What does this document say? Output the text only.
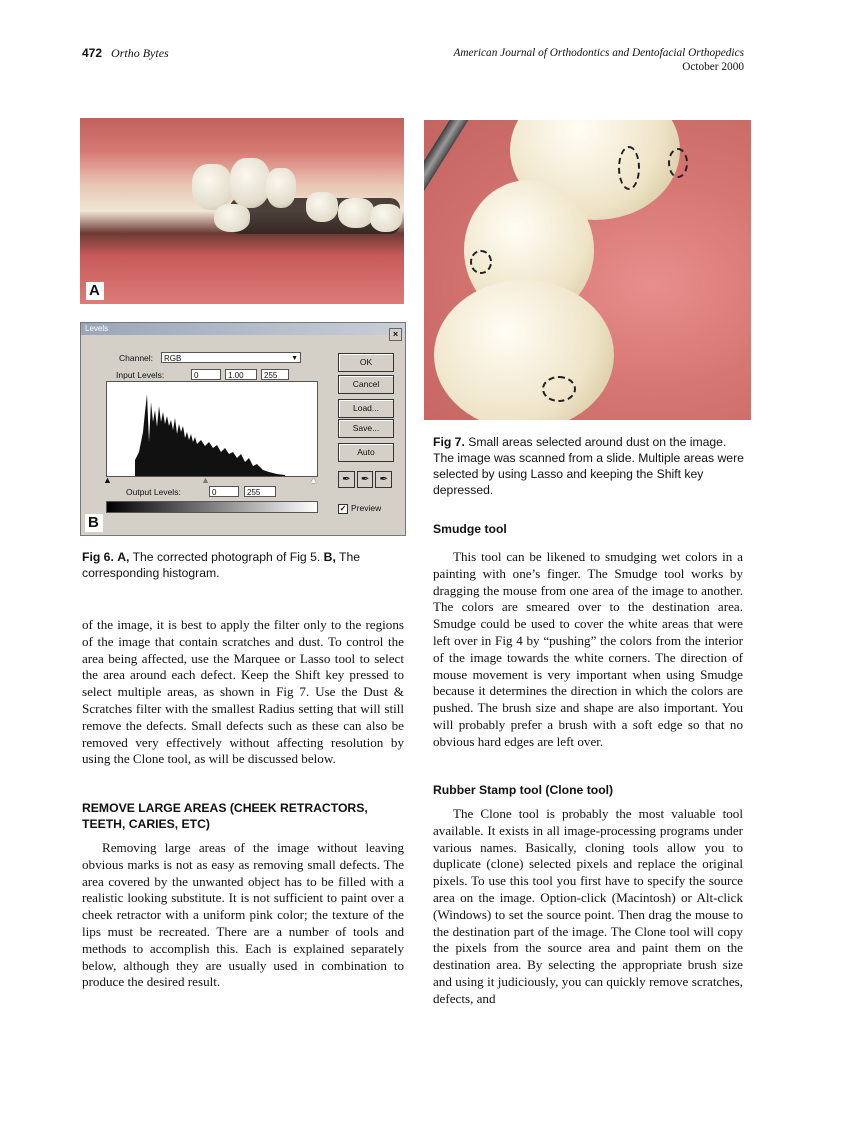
472 Ortho Bytes	American Journal of Orthodontics and Dentofacial Orthopedics
October 2000
A
Levels
×
Channel:	RGB	▼
Input Levels:	0	1.00	255
▲	▲	▲
Output Levels:	0	255
OK
Cancel
Load...
Save...
Auto
✒	✒	✒
✓ Preview
B
Fig 6. A, The corrected photograph of Fig 5. B, The corresponding histogram.
Fig 7. Small areas selected around dust on the image. The image was scanned from a slide. Multiple areas were selected by using Lasso and keeping the Shift key depressed.

of the image, it is best to apply the filter only to the regions of the image that contain scratches and dust. To control the area being affected, use the Marquee or Lasso tool to select the area around each defect. Keep the Shift key pressed to select multiple areas, as shown in Fig 7. Use the Dust & Scratches filter with the smallest Radius setting that will still remove the defects. Small defects such as these can also be removed very effectively without affecting resolution by using the Clone tool, as will be discussed below.

REMOVE LARGE AREAS (CHEEK RETRACTORS, TEETH, CARIES, ETC)

Removing large areas of the image without leaving obvious marks is not as easy as removing small defects. The area covered by the unwanted object has to be filled with a realistic looking substitute. It is not sufficient to paint over a cheek retractor with a uniform pink color; the texture of the lips must be recreated. There are a number of tools and methods to accomplish this. Each is explained separately below, although they are usually used in combination to produce the desired result.

Smudge tool

This tool can be likened to smudging wet colors in a painting with one’s finger. The Smudge tool works by dragging the mouse from one area of the image to another. The colors are smeared over to the destination area. Smudge could be used to cover the white areas that were left over in Fig 4 by “pushing” the colors from the interior of the image towards the white corners. The direction of mouse movement is very important when using Smudge because it determines the direction in which the colors are pushed. The brush size and shape are also important. You will probably prefer a brush with a soft edge so that no obvious hard edges are left over.

Rubber Stamp tool (Clone tool)

The Clone tool is probably the most valuable tool available. It exists in all image-processing programs under various names. Basically, cloning tools allow you to duplicate (clone) selected pixels and replace the original pixels. To use this tool you first have to specify the source area on the image. Option-click (Macintosh) or Alt-click (Windows) to set the source point. Then drag the mouse to the destination part of the image. The Clone tool will copy the pixels from the source area and paint them on the destination area. By selecting the appropriate brush size and using it judiciously, you can quickly remove scratches, defects, and
